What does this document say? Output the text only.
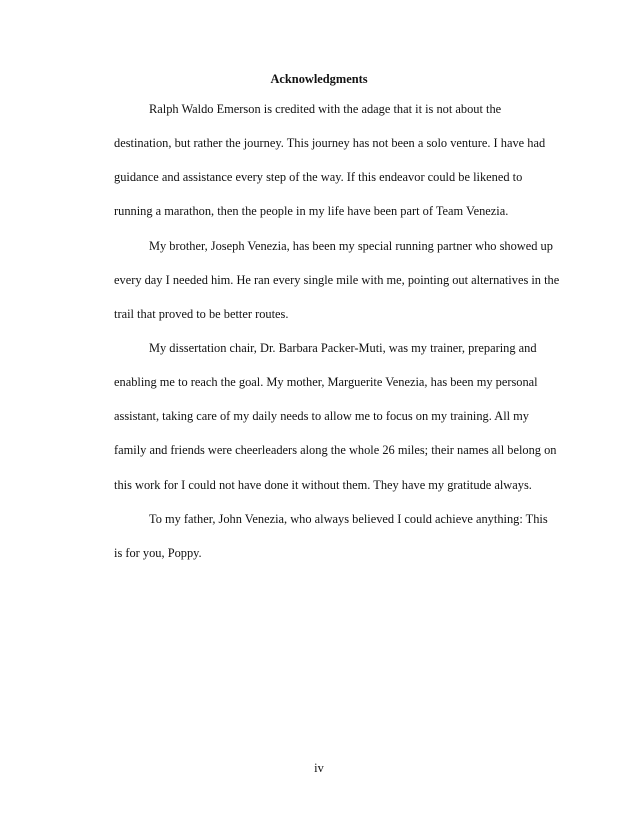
Acknowledgments
Ralph Waldo Emerson is credited with the adage that it is not about the
destination, but rather the journey. This journey has not been a solo venture. I have had
guidance and assistance every step of the way. If this endeavor could be likened to
running a marathon, then the people in my life have been part of Team Venezia.
My brother, Joseph Venezia, has been my special running partner who showed up
every day I needed him. He ran every single mile with me, pointing out alternatives in the
trail that proved to be better routes.
My dissertation chair, Dr. Barbara Packer-Muti, was my trainer, preparing and
enabling me to reach the goal. My mother, Marguerite Venezia, has been my personal
assistant, taking care of my daily needs to allow me to focus on my training. All my
family and friends were cheerleaders along the whole 26 miles; their names all belong on
this work for I could not have done it without them. They have my gratitude always.
To my father, John Venezia, who always believed I could achieve anything: This
is for you, Poppy.
iv
